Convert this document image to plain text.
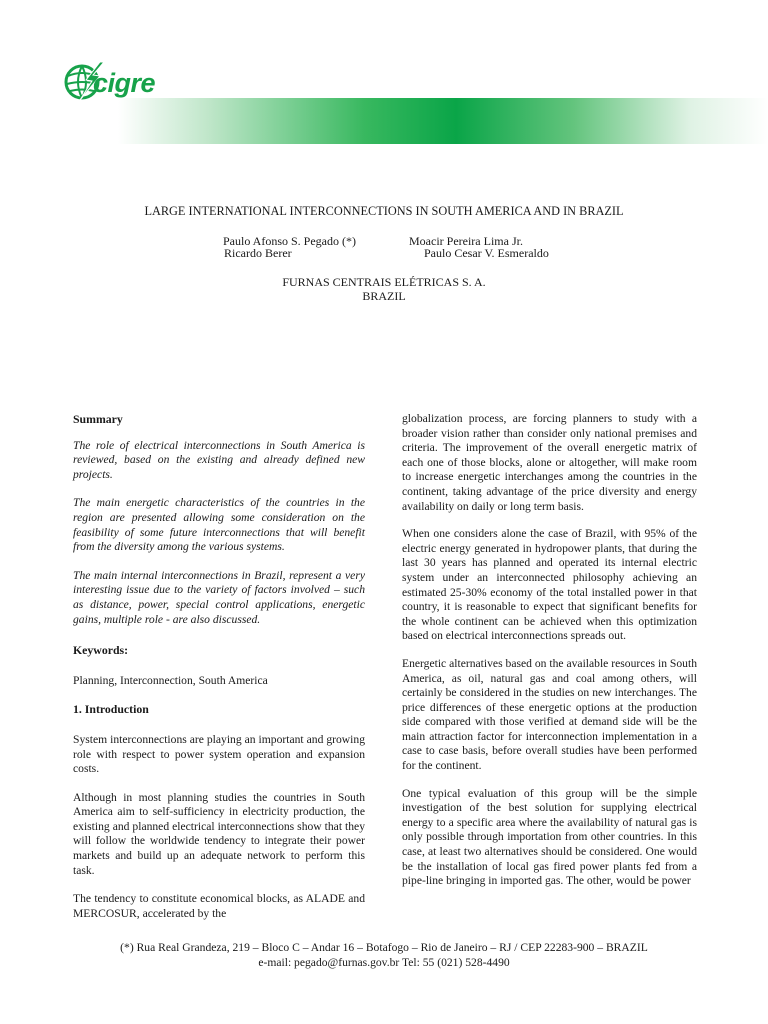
cigre
LARGE INTERNATIONAL INTERCONNECTIONS IN SOUTH AMERICA AND IN BRAZIL
Paulo Afonso S. Pegado (*)
Ricardo Berer
Moacir Pereira Lima Jr.
Paulo Cesar V. Esmeraldo
FURNAS CENTRAIS ELÉTRICAS S. A.
BRAZIL
Summary

The role of electrical interconnections in South America is reviewed, based on the existing and already defined new projects.

The main energetic characteristics of the countries in the region are presented allowing some consideration on the feasibility of some future interconnections that will benefit from the diversity among the various systems.

The main internal interconnections in Brazil, represent a very interesting issue due to the variety of factors involved – such as distance, power, special control applications, energetic gains, multiple role - are also discussed.

Keywords:

Planning, Interconnection, South America

1. Introduction

System interconnections are playing an important and growing role with respect to power system operation and expansion costs.

Although in most planning studies the countries in South America aim to self-sufficiency in electricity production, the existing and planned electrical interconnections show that they will follow the worldwide tendency to integrate their power markets and build up an adequate network to perform this task.

The tendency to constitute economical blocks, as ALADE and MERCOSUR, accelerated by the

globalization process, are forcing planners to study with a broader vision rather than consider only national premises and criteria. The improvement of the overall energetic matrix of each one of those blocks, alone or altogether, will make room to increase energetic interchanges among the countries in the continent, taking advantage of the price diversity and energy availability on daily or long term basis.

When one considers alone the case of Brazil, with 95% of the electric energy generated in hydropower plants, that during the last 30 years has planned and operated its internal electric system under an interconnected philosophy achieving an estimated 25-30% economy of the total installed power in that country, it is reasonable to expect that significant benefits for the whole continent can be achieved when this optimization based on electrical interconnections spreads out.

Energetic alternatives based on the available resources in South America, as oil, natural gas and coal among others, will certainly be considered in the studies on new interchanges. The price differences of these energetic options at the production side compared with those verified at demand side will be the main attraction factor for interconnection implementation in a case to case basis, before overall studies have been performed for the continent.

One typical evaluation of this group will be the simple investigation of the best solution for supplying electrical energy to a specific area where the availability of natural gas is only possible through importation from other countries. In this case, at least two alternatives should be considered. One would be the installation of local gas fired power plants fed from a pipe-line bringing in imported gas. The other, would be power

(*) Rua Real Grandeza, 219 – Bloco C – Andar 16 – Botafogo – Rio de Janeiro – RJ / CEP 22283-900 – BRAZIL
e-mail: pegado@furnas.gov.br Tel: 55 (021) 528-4490
